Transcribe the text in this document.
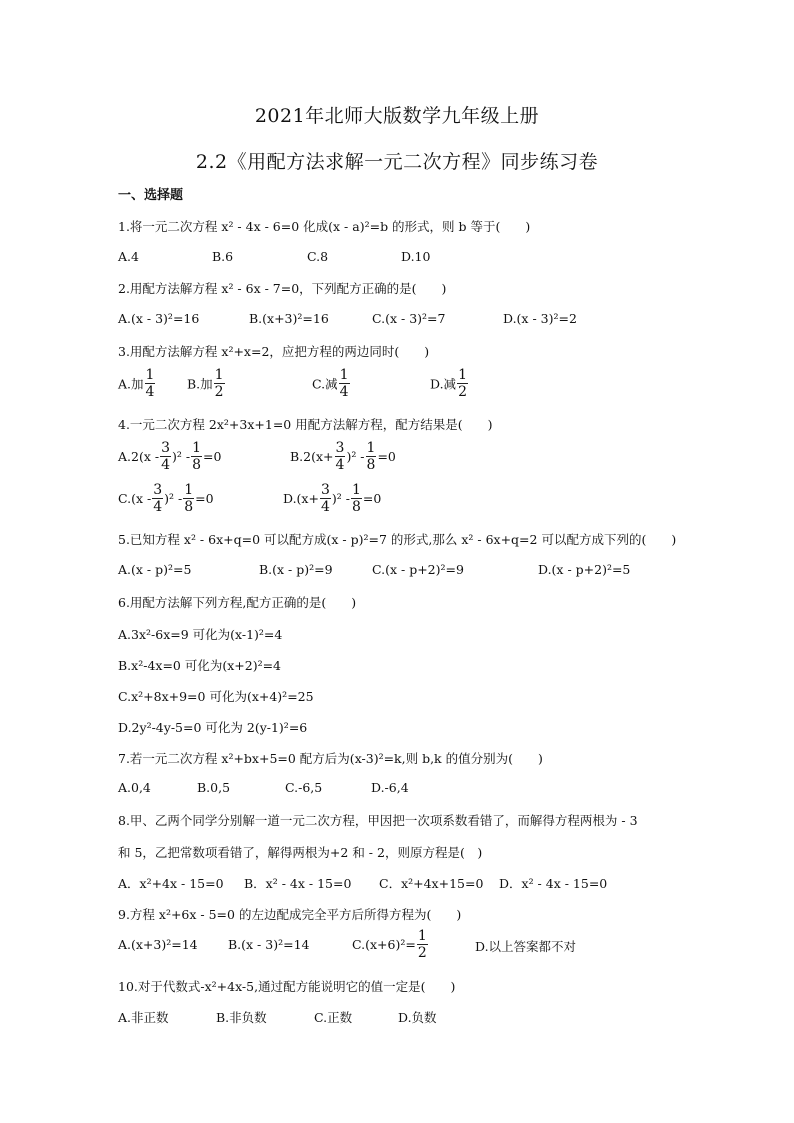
2021年北师大版数学九年级上册
2.2《用配方法求解一元二次方程》同步练习卷
一、选择题
1.将一元二次方程 x² - 4x - 6=0 化成(x - a)²=b 的形式，则 b 等于(　　)
A.4	B.6	C.8	D.10
2.用配方法解方程 x² - 6x - 7=0，下列配方正确的是(　　)
A.(x - 3)²=16	B.(x+3)²=16	C.(x - 3)²=7	D.(x - 3)²=2
3.用配方法解方程 x²+x=2，应把方程的两边同时(　　)
A.加 $\frac{1}{4}$	B.加 $\frac{1}{2}$	C.减 $\frac{1}{4}$	D.减 $\frac{1}{2}$
4.一元二次方程 2x²+3x+1=0 用配方法解方程，配方结果是(　　)
$A.2(x - \frac{3}{4} )^2 - \frac{1}{8} =0$	$B.2(x+ \frac{3}{4} )^2 - \frac{1}{8} =0$
$C.(x - \frac{3}{4} )^2 - \frac{1}{8} =0$	$D.(x+ \frac{3}{4} )^2 - \frac{1}{8} =0$
5.已知方程 x² - 6x+q=0 可以配方成(x - p)²=7 的形式,那么 x² - 6x+q=2 可以配方成下列的(　　)
A.(x - p)²=5	B.(x - p)²=9	C.(x - p+2)²=9	D.(x - p+2)²=5
6.用配方法解下列方程,配方正确的是(　　)
A.3x²-6x=9 可化为(x-1)²=4
B.x²-4x=0 可化为(x+2)²=4
C.x²+8x+9=0 可化为(x+4)²=25
D.2y²-4y-5=0 可化为 2(y-1)²=6
7.若一元二次方程 x²+bx+5=0 配方后为(x-3)²=k,则 b,k 的值分别为(　　)
A.0,4	B.0,5	C.-6,5	D.-6,4
8.甲、乙两个同学分别解一道一元二次方程，甲因把一次项系数看错了，而解得方程两根为 - 3
和 5，乙把常数项看错了，解得两根为+2 和 - 2，则原方程是(　)
A．x²+4x - 15=0 B．x² - 4x - 15=0 C．x²+4x+15=0 D．x² - 4x - 15=0
9.方程 x²+6x - 5=0 的左边配成完全平方后所得方程为(　　)
A.(x+3)²=14 B.(x - 3)²=14	$C.(x+6)^2= \frac{1}{2}$	D.以上答案都不对
10.对于代数式-x²+4x-5,通过配方能说明它的值一定是(　　)
A.非正数	B.非负数	C.正数	D.负数
